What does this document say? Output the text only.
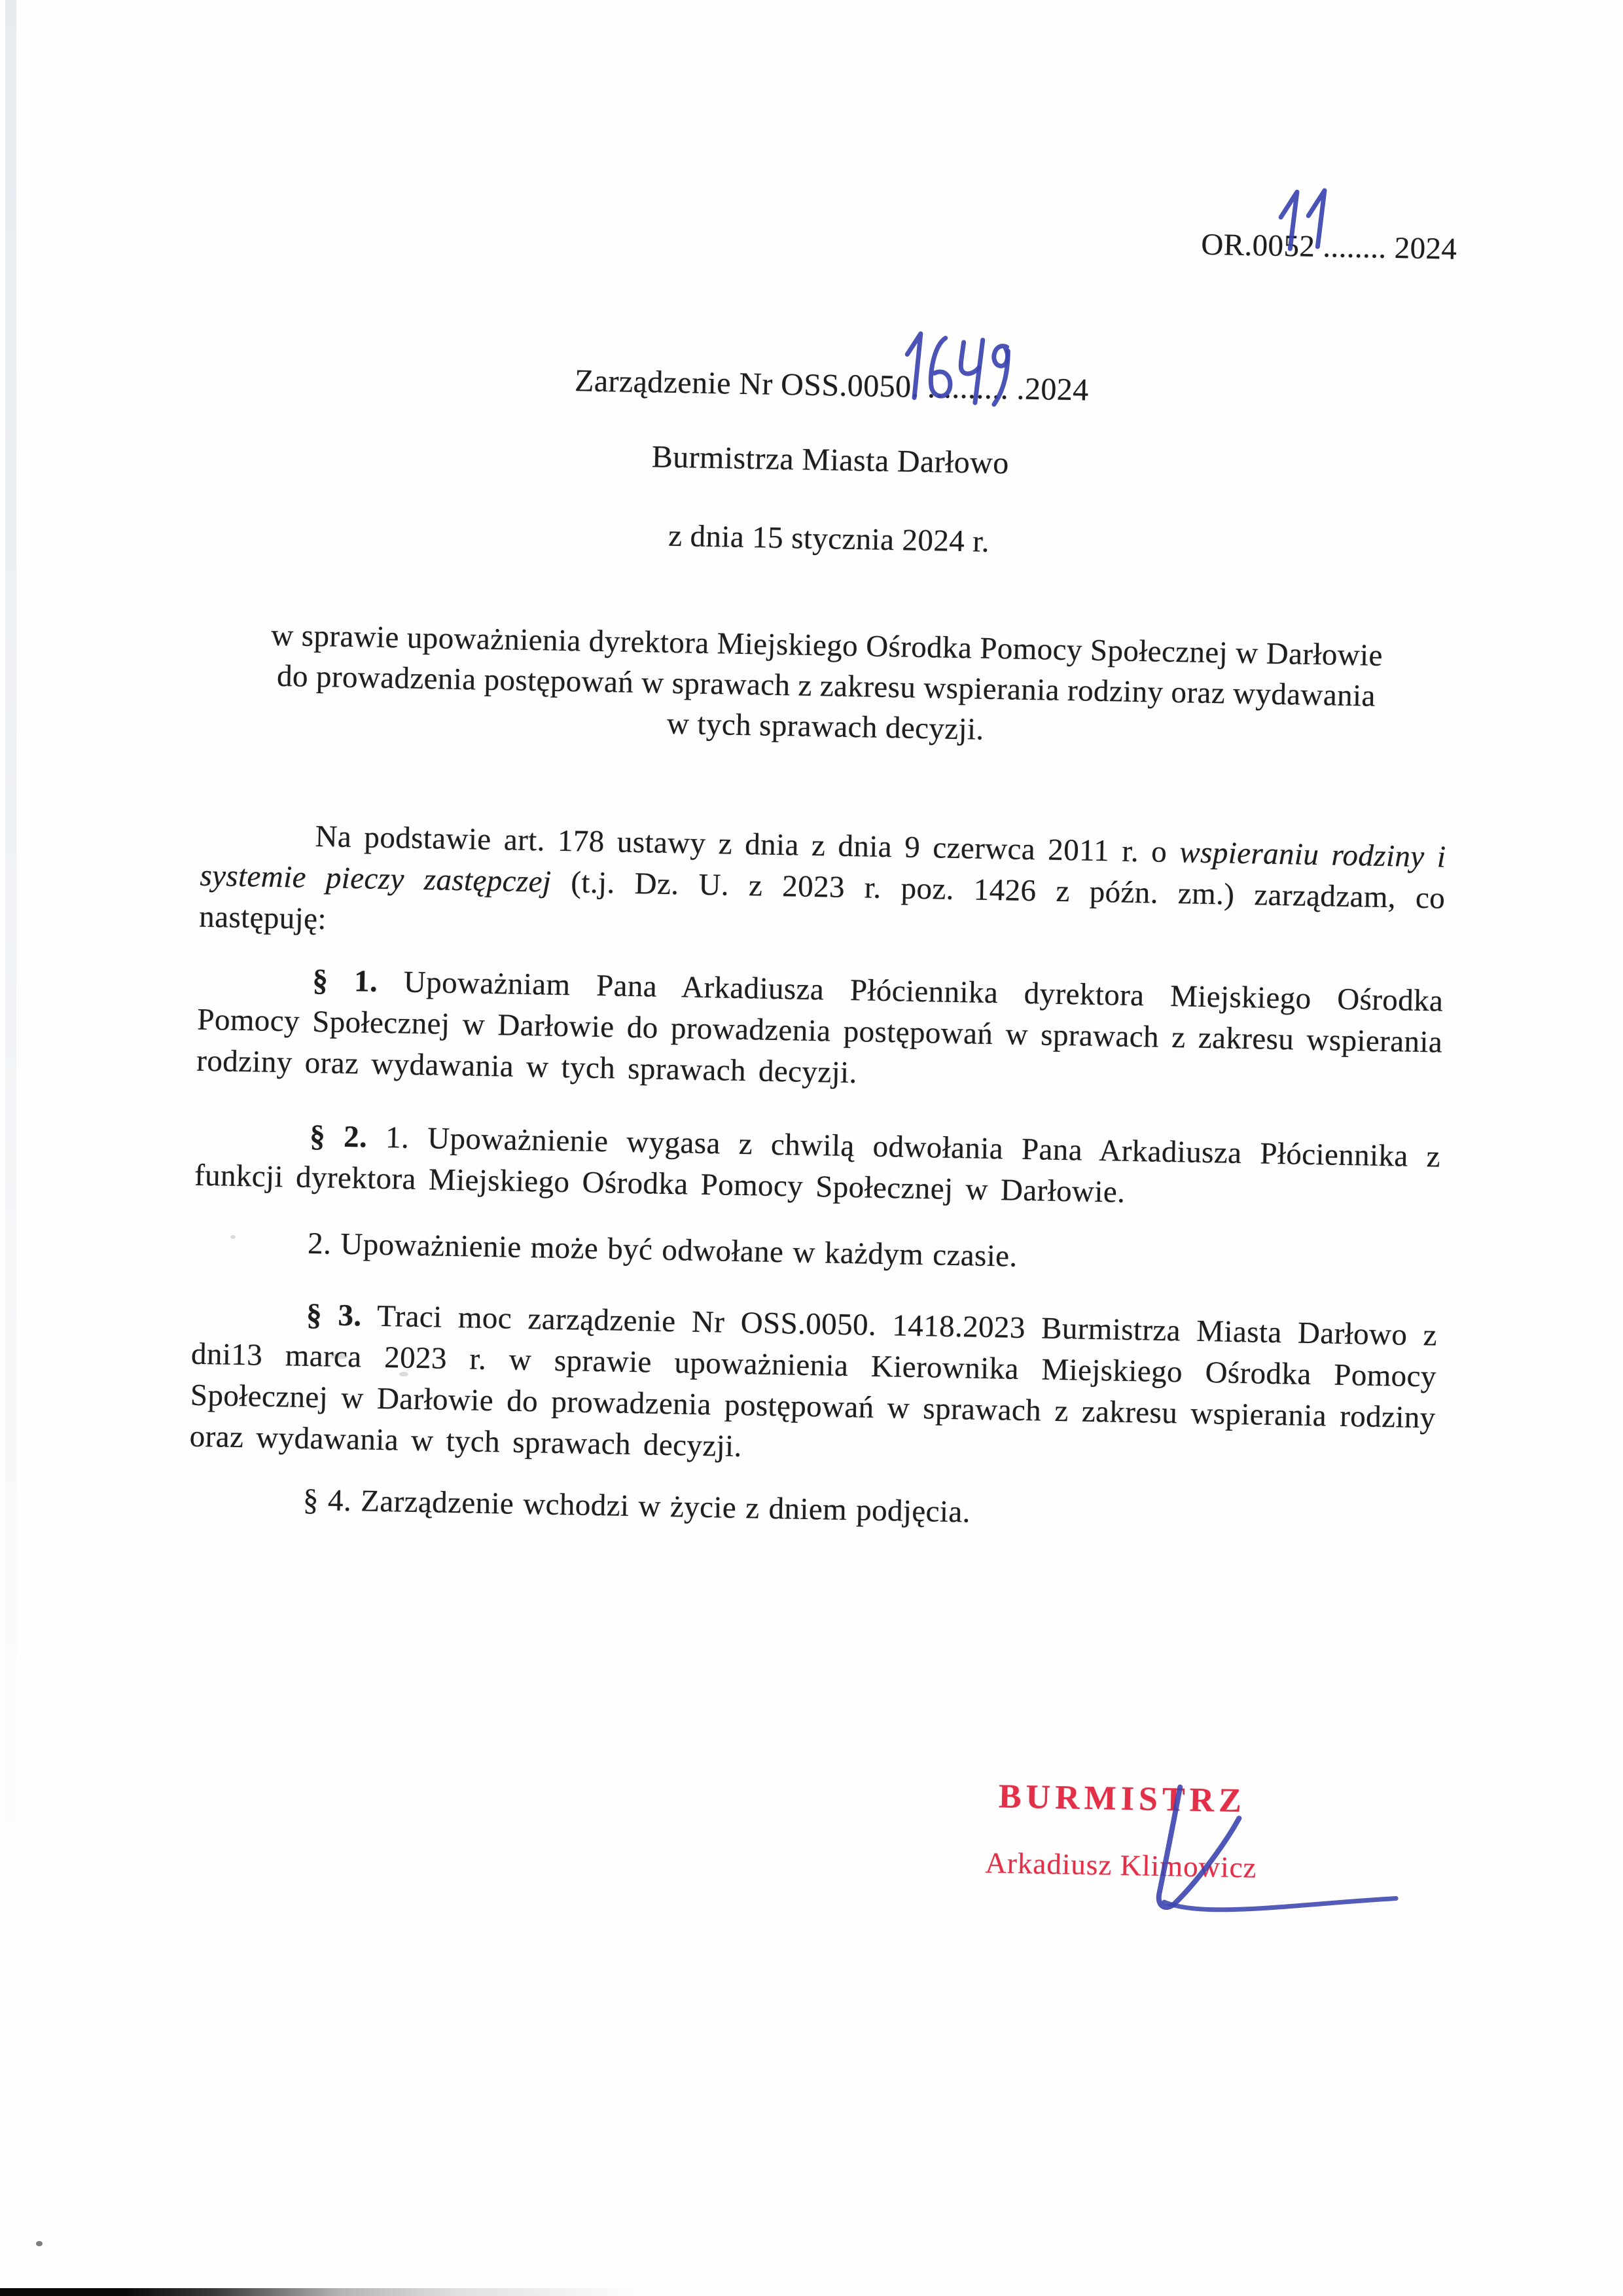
OR.0052 ........ 2024
Zarządzenie Nr OSS.0050. .......... .2024
Burmistrza Miasta Darłowo
z dnia 15 stycznia 2024 r.
w sprawie upoważnienia dyrektora Miejskiego Ośrodka Pomocy Społecznej w Darłowie
do prowadzenia postępowań w sprawach z zakresu wspierania rodziny oraz wydawania
w tych sprawach decyzji.
Na podstawie art. 178 ustawy z dnia z dnia 9 czerwca 2011 r. o wspieraniu rodziny i systemie pieczy zastępczej (t.j. Dz. U. z 2023 r. poz. 1426 z późn. zm.) zarządzam, co następuję:
§ 1. Upoważniam Pana Arkadiusza Płóciennika dyrektora Miejskiego Ośrodka Pomocy Społecznej w Darłowie do prowadzenia postępowań w sprawach z zakresu wspierania rodziny oraz wydawania w tych sprawach decyzji.
§ 2. 1. Upoważnienie wygasa z chwilą odwołania Pana Arkadiusza Płóciennika z funkcji dyrektora Miejskiego Ośrodka Pomocy Społecznej w Darłowie.
2. Upoważnienie może być odwołane w każdym czasie.
§ 3. Traci moc zarządzenie Nr OSS.0050. 1418.2023 Burmistrza Miasta Darłowo z dni13 marca 2023 r. w sprawie upoważnienia Kierownika Miejskiego Ośrodka Pomocy Społecznej w Darłowie do prowadzenia postępowań w sprawach z zakresu wspierania rodziny oraz wydawania w tych sprawach decyzji.
§ 4. Zarządzenie wchodzi w życie z dniem podjęcia.
BURMISTRZ
Arkadiusz Klimowicz
